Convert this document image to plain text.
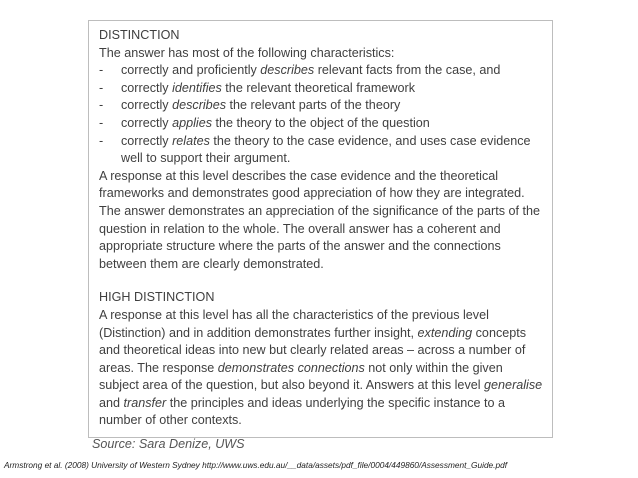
DISTINCTION

The answer has most of the following characteristics:

- correctly and proficiently describes relevant facts from the case, and
- correctly identifies the relevant theoretical framework
- correctly describes the relevant parts of the theory
- correctly applies the theory to the object of the question
- correctly relates the theory to the case evidence, and uses case evidence well to support their argument.

A response at this level describes the case evidence and the theoretical frameworks and demonstrates good appreciation of how they are integrated. The answer demonstrates an appreciation of the significance of the parts of the question in relation to the whole. The overall answer has a coherent and appropriate structure where the parts of the answer and the connections between them are clearly demonstrated.

HIGH DISTINCTION

A response at this level has all the characteristics of the previous level (Distinction) and in addition demonstrates further insight, extending concepts and theoretical ideas into new but clearly related areas – across a number of areas. The response demonstrates connections not only within the given subject area of the question, but also beyond it. Answers at this level generalise and transfer the principles and ideas underlying the specific instance to a number of other contexts.

Source: Sara Denize, UWS
Armstrong et al. (2008) University of Western Sydney http://www.uws.edu.au/__data/assets/pdf_file/0004/449860/Assessment_Guide.pdf
